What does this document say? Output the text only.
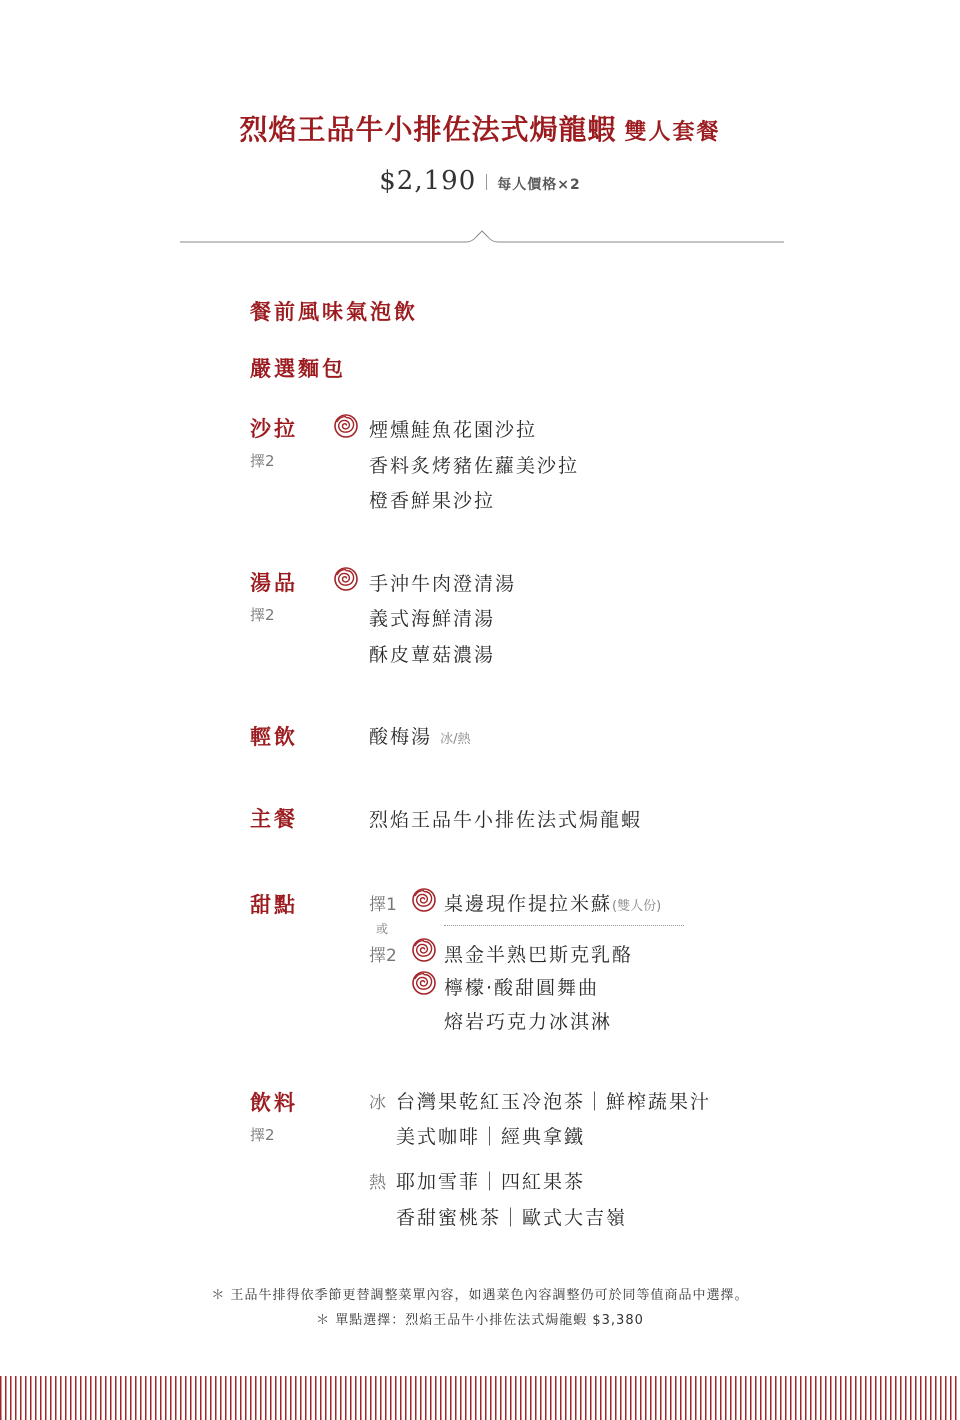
烈焰王品牛小排佐法式焗龍蝦 雙人套餐
$2,190 每人價格×2
餐前風味氣泡飲
嚴選麵包
沙拉
擇2
煙燻鮭魚花園沙拉
香料炙烤豬佐蘿美沙拉
橙香鮮果沙拉
湯品
擇2
手沖牛肉澄清湯
義式海鮮清湯
酥皮蕈菇濃湯
輕飲	酸梅湯 冰/熱
主餐	烈焰王品牛小排佐法式焗龍蝦
甜點	擇1 桌邊現作提拉米蘇(雙人份)
或
擇2 黑金半熟巴斯克乳酪
檸檬‧酸甜圓舞曲
熔岩巧克力冰淇淋
飲料
擇2
冰 台灣果乾紅玉冷泡茶｜鮮榨蔬果汁
美式咖啡｜經典拿鐵
熱 耶加雪菲｜四紅果茶
香甜蜜桃茶｜歐式大吉嶺
＊ 王品牛排得依季節更替調整菜單內容，如遇菜色內容調整仍可於同等值商品中選擇。
＊ 單點選擇：烈焰王品牛小排佐法式焗龍蝦 $3,380
